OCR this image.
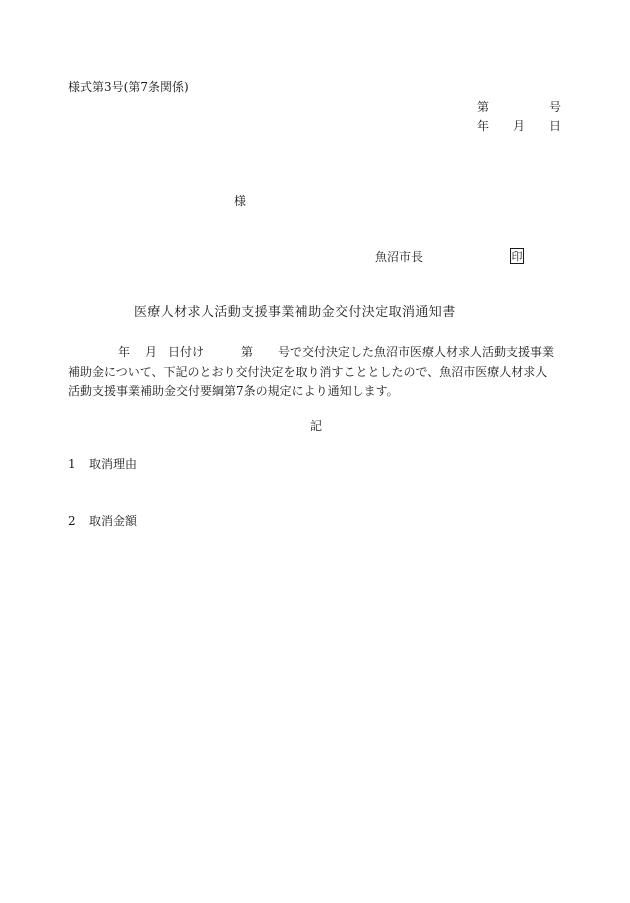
様式第3号(第7条関係)
第	号
年 月 日
様
魚沼市長	印
医療人材求人活動支援事業補助金交付決定取消通知書
年 月 日付け	第 号で交付決定した魚沼市医療人材求人活動支援事業
補助金について、下記のとおり交付決定を取り消すこととしたので、魚沼市医療人材求人
活動支援事業補助金交付要綱第7条の規定により通知します。
記
1 取消理由
2 取消金額
